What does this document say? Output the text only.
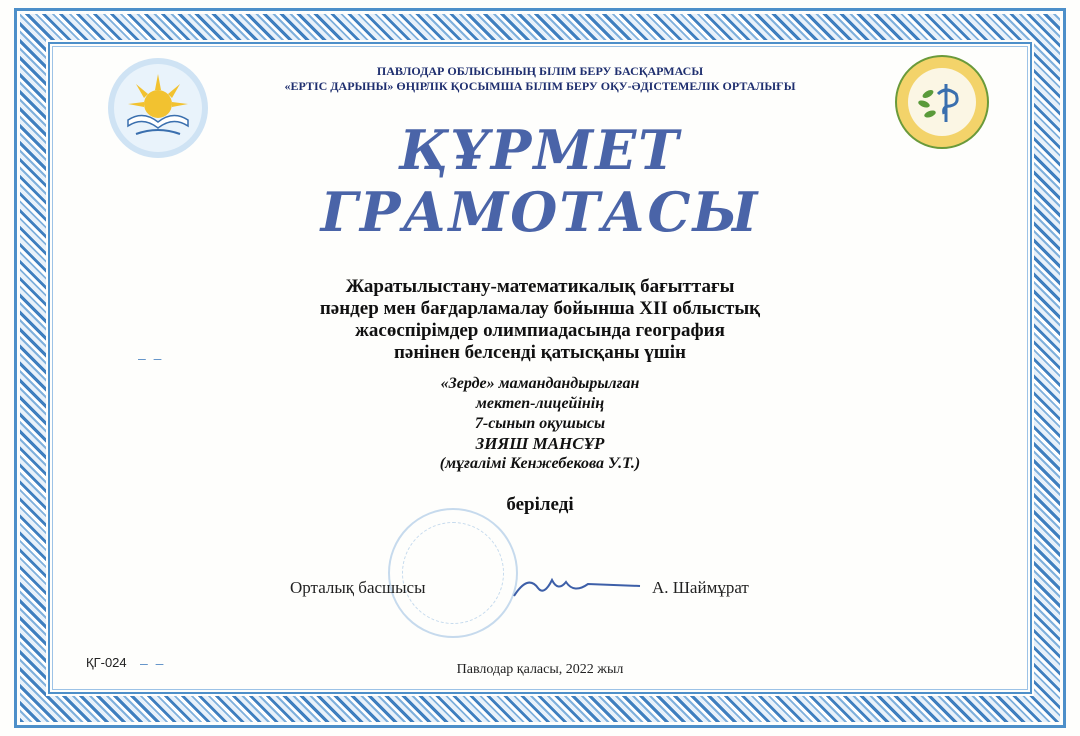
ПАВЛОДАР ОБЛЫСЫНЫҢ БІЛІМ БЕРУ БАСҚАРМАСЫ
«ЕРТІС ДАРЫНЫ» ӨҢІРЛІК ҚОСЫМША БІЛІМ БЕРУ ОҚУ-ӘДІСТЕМЕЛІК ОРТАЛЫҒЫ
ҚҰРМЕТ
ГРАМОТАСЫ
Жаратылыстану-математикалық бағыттағы
пәндер мен бағдарламалау бойынша XII облыстық
жасөспірімдер олимпиадасында география
пәнінен белсенді қатысқаны үшін
«Зерде» мамандандырылған
мектеп-лицейінің
7-сынып оқушысы
ЗИЯШ МАНСҰР
(мұғалімі Кенжебекова У.Т.)
беріледі
Орталық басшысы	А. Шаймұрат
ҚГ-024
– –
– –	Павлодар қаласы, 2022 жыл
